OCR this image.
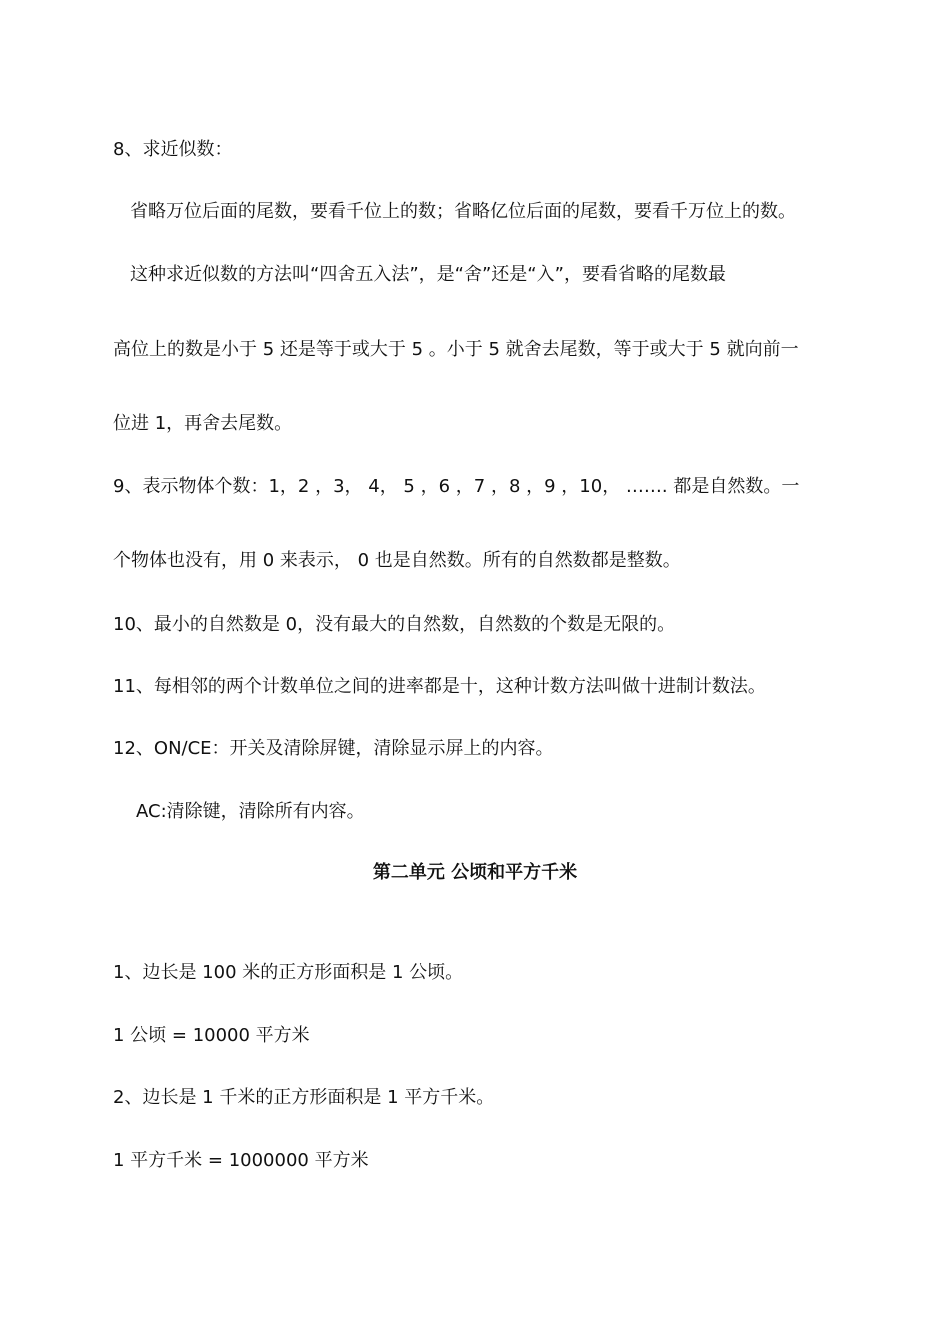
8、求近似数：
省略万位后面的尾数，要看千位上的数；省略亿位后面的尾数，要看千万位上的数。
这种求近似数的方法叫“四舍五入法”，是“舍”还是“入”，要看省略的尾数最
高位上的数是小于 5 还是等于或大于 5 。小于 5 就舍去尾数，等于或大于 5 就向前一
位进 1，再舍去尾数。
9、表示物体个数：1，2 ，3， 4， 5 ，6 ，7 ，8 ，9 ，10， ……. 都是自然数。一
个物体也没有，用 0 来表示， 0 也是自然数。所有的自然数都是整数。
10、最小的自然数是 0，没有最大的自然数，自然数的个数是无限的。
11、每相邻的两个计数单位之间的进率都是十，这种计数方法叫做十进制计数法。
12、ON∕CE：开关及清除屏键，清除显示屏上的内容。
AC:清除键，清除所有内容。
第二单元 公顷和平方千米
1、边长是 100 米的正方形面积是 1 公顷。
1 公顷 = 10000 平方米
2、边长是 1 千米的正方形面积是 1 平方千米。
1 平方千米 = 1000000 平方米
